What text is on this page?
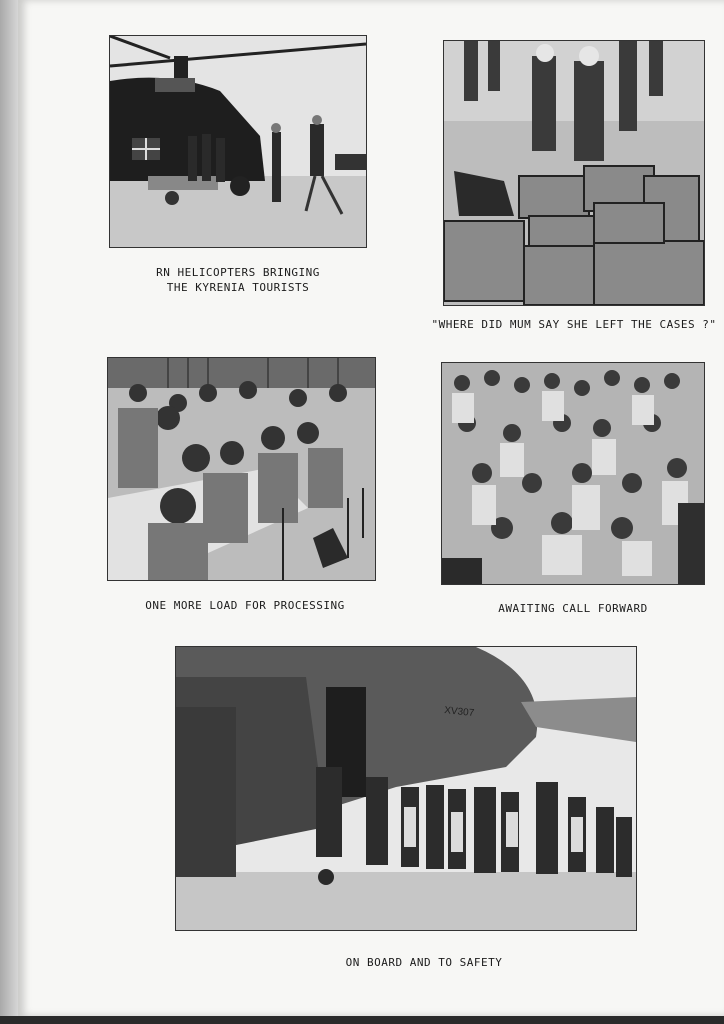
RN HELICOPTERS BRINGING
THE KYRENIA TOURISTS
"WHERE DID MUM SAY SHE LEFT THE CASES ?"
ONE MORE LOAD FOR PROCESSING	AWAITING CALL FORWARD
XV307
ON BOARD AND TO SAFETY
